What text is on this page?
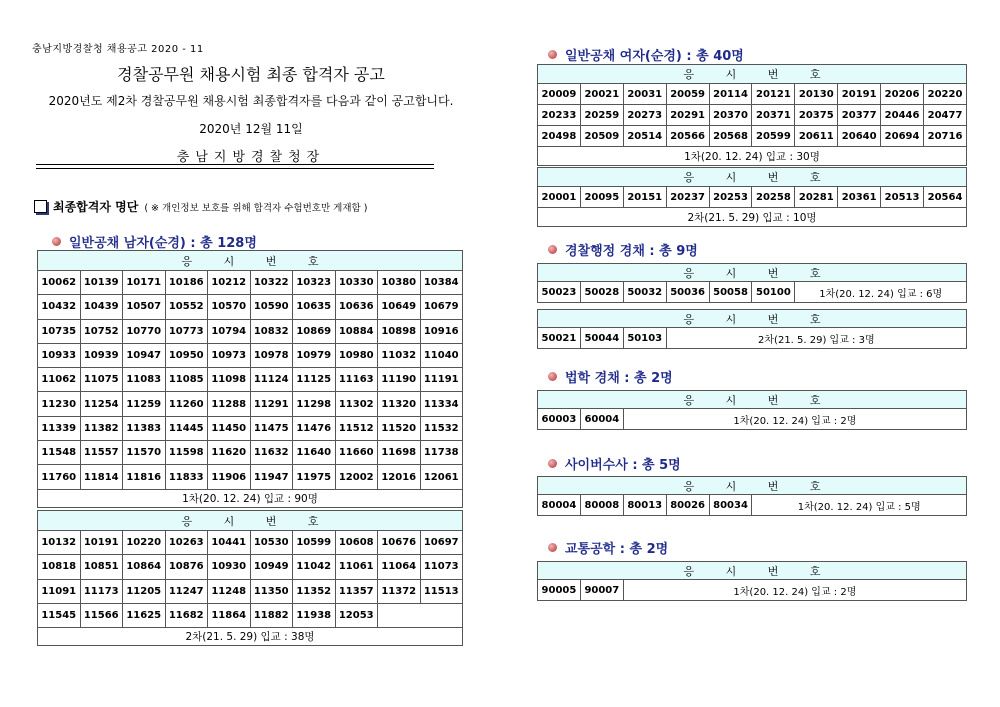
충남지방경찰청 채용공고 2020 - 11
경찰공무원 채용시험 최종 합격자 공고
2020년도 제2차 경찰공무원 채용시험 최종합격자를 다음과 같이 공고합니다.
2020년 12월 11일
충남지방경찰청장
최종합격자 명단 ( ※ 개인정보 보호를 위해 합격자 수험번호만 게재함 )
일반공채 남자(순경) : 총 128명
일반공채 여자(순경) : 총 40명
경찰행정 경채 : 총 9명
법학 경채 : 총 2명
사이버수사 : 총 5명
교통공학 : 총 2명
응 시 번 호									
10062	10139	10171	10186	10212	10322	10323	10330	10380	10384
10432	10439	10507	10552	10570	10590	10635	10636	10649	10679
10735	10752	10770	10773	10794	10832	10869	10884	10898	10916
10933	10939	10947	10950	10973	10978	10979	10980	11032	11040
11062	11075	11083	11085	11098	11124	11125	11163	11190	11191
11230	11254	11259	11260	11288	11291	11298	11302	11320	11334
11339	11382	11383	11445	11450	11475	11476	11512	11520	11532
11548	11557	11570	11598	11620	11632	11640	11660	11698	11738
11760	11814	11816	11833	11906	11947	11975	12002	12016	12061
1차(20. 12. 24) 입교 : 90명									
응 시 번 호									
10132	10191	10220	10263	10441	10530	10599	10608	10676	10697
10818	10851	10864	10876	10930	10949	11042	11061	11064	11073
11091	11173	11205	11247	11248	11350	11352	11357	11372	11513
11545	11566	11625	11682	11864	11882	11938	12053		
2차(21. 5. 29) 입교 : 38명									
응 시 번 호									
20009	20021	20031	20059	20114	20121	20130	20191	20206	20220
20233	20259	20273	20291	20370	20371	20375	20377	20446	20477
20498	20509	20514	20566	20568	20599	20611	20640	20694	20716
1차(20. 12. 24) 입교 : 30명									
응 시 번 호
20001	20095	20151	20237	20253	20258	20281	20361	20513	20564
2차(21. 5. 29) 입교 : 10명
응 시 번 호
50023	50028	50032	50036	50058	50100	1차(20. 12. 24) 입교 : 6명
응 시 번 호
50021	50044	50103	2차(21. 5. 29) 입교 : 3명
응 시 번 호
60003	60004	1차(20. 12. 24) 입교 : 2명
응 시 번 호
80004	80008	80013	80026	80034	1차(20. 12. 24) 입교 : 5명
응 시 번 호
90005	90007	1차(20. 12. 24) 입교 : 2명
